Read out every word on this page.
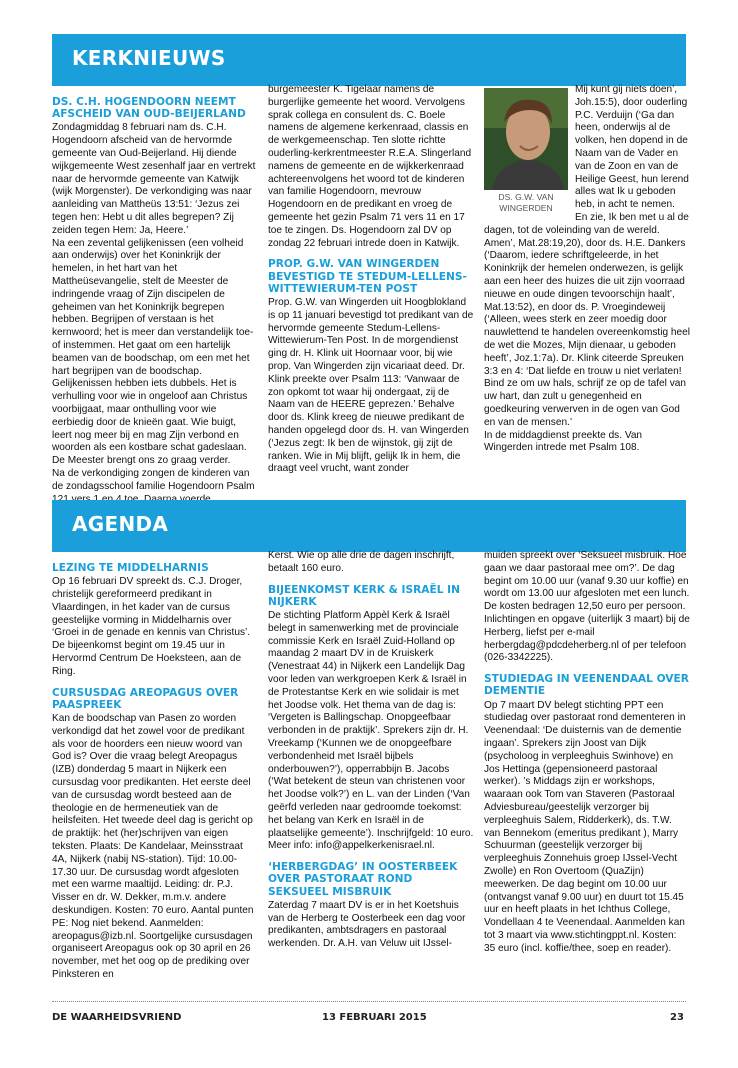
KERKNIEUWS
DS. C.H. HOGENDOORN NEEMT AFSCHEID VAN OUD-BEIJERLAND

Zondagmiddag 8 februari nam ds. C.H. Hogendoorn afscheid van de hervormde gemeente van Oud-Beijerland. Hij diende wijkgemeente West zesenhalf jaar en vertrekt naar de hervormde gemeente van Katwijk (wijk Morgenster). De verkondiging was naar aanleiding van Mattheüs 13:51: ‘Jezus zei tegen hen: Hebt u dit alles begrepen? Zij zeiden tegen Hem: Ja, Heere.’

Na een zevental gelijkenissen (een volheid aan onderwijs) over het Koninkrijk der hemelen, in het hart van het Mattheüsevangelie, stelt de Meester de indringende vraag of Zijn discipelen de geheimen van het Koninkrijk begrepen hebben. Begrijpen of verstaan is het kernwoord; het is meer dan verstandelijk toe- of instemmen. Het gaat om een hartelijk beamen van de boodschap, om een met het hart begrijpen van de boodschap. Gelijkenissen hebben iets dubbels. Het is verhulling voor wie in ongeloof aan Christus voorbijgaat, maar onthulling voor wie eerbiedig door de knieën gaat. Wie buigt, leert nog meer bij en mag Zijn verbond en woorden als een kostbare schat gadeslaan. De Meester brengt ons zo graag verder.

Na de verkondiging zongen de kinderen van de zondagsschool familie Hogendoorn Psalm

burgemeester K. Tigelaar namens de burgerlijke gemeente het woord. Vervolgens sprak collega en consulent ds. C. Boele namens de algemene kerkenraad, classis en de werkgemeenschap. Ten slotte richtte ouderling-kerkrentmeester R.E.A. Slingerland namens de gemeente en de wijkkerkenraad achtereenvolgens het woord tot de kinderen van familie Hogendoorn, mevrouw Hogendoorn en de predikant en vroeg de gemeente het gezin Psalm 71 vers 11 en 17 toe te zingen. Ds. Hogendoorn zal DV op zondag 22 februari intrede doen in Katwijk.

PROP. G.W. VAN WINGERDEN BEVESTIGD TE STEDUM-LELLENS-WITTEWIERUM-TEN POST

Prop. G.W. van Wingerden uit Hoogblokland is op 11 januari bevestigd tot predikant van de hervormde gemeente Stedum-Lellens-Wittewierum-Ten Post. In de morgendienst ging dr. H. Klink uit Hoornaar voor, bij wie prop. Van Wingerden zijn vicariaat deed. Dr. Klink preekte over Psalm 113: ‘Vanwaar de zon opkomt tot waar hij ondergaat, zij de Naam van de HEERE geprezen.’ Behalve door ds. Klink kreeg de nieuwe predikant de handen opgelegd door ds. H. van Wingerden (‘Jezus zegt: Ik ben de wijnstok, gij zijt de ranken. Wie in Mij blijft, gelijk Ik in hem, die draagt veel vrucht, want zonder

DS. G.W. VAN WINGERDEN

Mij kunt gij niets doen’, Joh.15:5), door ouderling P.C. Verduijn (‘Ga dan heen, onderwijs al de volken, hen dopend in de Naam van de Vader en van de Zoon en van de Heilige Geest, hun lerend alles wat Ik u geboden heb, in acht te nemen. En zie, Ik ben met u al de dagen, tot de voleinding van de wereld. Amen’, Mat.28:19,20), door ds. H.E. Dankers (‘Daarom, iedere schriftgeleerde, in het Koninkrijk der hemelen onderwezen, is gelijk aan een heer des huizes die uit zijn voorraad nieuwe en oude dingen tevoorschijn haalt’, Mat.13:52), en door ds. P. Vroegindeweij (‘Alleen, wees sterk en zeer moedig door nauwlettend te handelen overeenkomstig heel de wet die Mozes, Mijn dienaar, u geboden heeft’, Joz.1:7a). Dr. Klink citeerde Spreuken 3:3 en 4: ‘Dat liefde en trouw u niet verlaten! Bind ze om uw hals, schrijf ze op de tafel van uw hart, dan zult u genegenheid en goedkeuring verwerven in de ogen van God en van de mensen.’

In de middagdienst preekte ds. Van Wingerden intrede met Psalm 108.

AGENDA
LEZING TE MIDDELHARNIS

Op 16 februari DV spreekt ds. C.J. Droger, christelijk gereformeerd predikant in Vlaardingen, in het kader van de cursus geestelijke vorming in Middelharnis over ‘Groei in de genade en kennis van Christus’. De bijeenkomst begint om 19.45 uur in Hervormd Centrum De Hoeksteen, aan de Ring.

CURSUSDAG AREOPAGUS OVER PAASPREEK

Kan de boodschap van Pasen zo worden verkondigd dat het zowel voor de predikant als voor de hoorders een nieuw woord van God is? Over die vraag belegt Areopagus (IZB) donderdag 5 maart in Nijkerk een cursusdag voor predikanten. Het eerste deel van de cursusdag wordt besteed aan de theologie en de hermeneutiek van de heilsfeiten. Het tweede deel dag is gericht op de praktijk: het (her)schrijven van eigen teksten. Plaats: De Kandelaar, Meinsstraat 4A, Nijkerk (nabij NS-station). Tijd: 10.00-17.30 uur. De cursusdag wordt afgesloten met een warme maaltijd. Leiding: dr. P.J. Visser en dr. W. Dekker, m.m.v. andere deskundigen. Kosten: 70 euro. Aantal punten PE: Nog niet bekend. Aanmelden: areopagus@izb.nl. Soortgelijke cursusdagen organiseert Areopagus ook op 30 april en 26 november, met het oog op de prediking over Pinksteren en

Kerst. Wie op alle drie de dagen inschrijft, betaalt 160 euro.

BIJEENKOMST KERK & ISRAËL IN NIJKERK

De stichting Platform Appèl Kerk & Israël belegt in samenwerking met de provinciale commissie Kerk en Israël Zuid-Holland op maandag 2 maart DV in de Kruiskerk (Venestraat 44) in Nijkerk een Landelijk Dag voor leden van werkgroepen Kerk & Israël in de Protestantse Kerk en wie solidair is met het Joodse volk. Het thema van de dag is: ‘Vergeten is Ballingschap. Onopgeefbaar verbonden in de praktijk’. Sprekers zijn dr. H. Vreekamp (‘Kunnen we de onopgeefbare verbondenheid met Israël bijbels onderbouwen?’), opperrabbijn B. Jacobs (‘Wat betekent de steun van christenen voor het Joodse volk?’) en L. van der Linden (‘Van geërfd verleden naar gedroomde toekomst: het belang van Kerk en Israël in de plaatselijke gemeente’). Inschrijfgeld: 10 euro. Meer info: info@appelkerkenisrael.nl.

‘HERBERGDAG’ IN OOSTERBEEK OVER PASTORAAT ROND SEKSUEEL MISBRUIK

Zaterdag 7 maart DV is er in het Koetshuis van de Herberg te Oosterbeek een dag voor predikanten, ambtsdragers en pastoraal werkenden. Dr. A.H. van Veluw uit IJssel-

muiden spreekt over ‘Seksueel misbruik. Hoe gaan we daar pastoraal mee om?’. De dag begint om 10.00 uur (vanaf 9.30 uur koffie) en wordt om 13.00 uur afgesloten met een lunch. De kosten bedragen 12,50 euro per persoon. Inlichtingen en opgave (uiterlijk 3 maart) bij de Herberg, liefst per e-mail herbergdag@pdcdeherberg.nl of per telefoon (026-3342225).

STUDIEDAG IN VEENENDAAL OVER DEMENTIE

Op 7 maart DV belegt stichting PPT een studiedag over pastoraat rond dementeren in Veenendaal: ‘De duisternis van de dementie ingaan’. Sprekers zijn Joost van Dijk (psycholoog in verpleeghuis Swinhove) en Jos Hettinga (gepensioneerd pastoraal werker). ’s Middags zijn er workshops, waaraan ook Tom van Staveren (Pastoraal Adviesbureau/geestelijk verzorger bij verpleeghuis Salem, Ridderkerk), ds. T.W. van Bennekom (emeritus predikant ), Marry Schuurman (geestelijk verzorger bij verpleeghuis Zonnehuis groep IJssel-Vecht Zwolle) en Ron Overtoom (QuaZijn) meewerken. De dag begint om 10.00 uur (ontvangst vanaf 9.00 uur) en duurt tot 15.45 uur en heeft plaats in het Ichthus College, Vondellaan 4 te Veenendaal. Aanmelden kan tot 3 maart via www.stichtingppt.nl. Kosten: 35 euro (incl. koffie/thee, soep en reader).

DE WAARHEIDSVRIEND	13 FEBRUARI 2015	23
